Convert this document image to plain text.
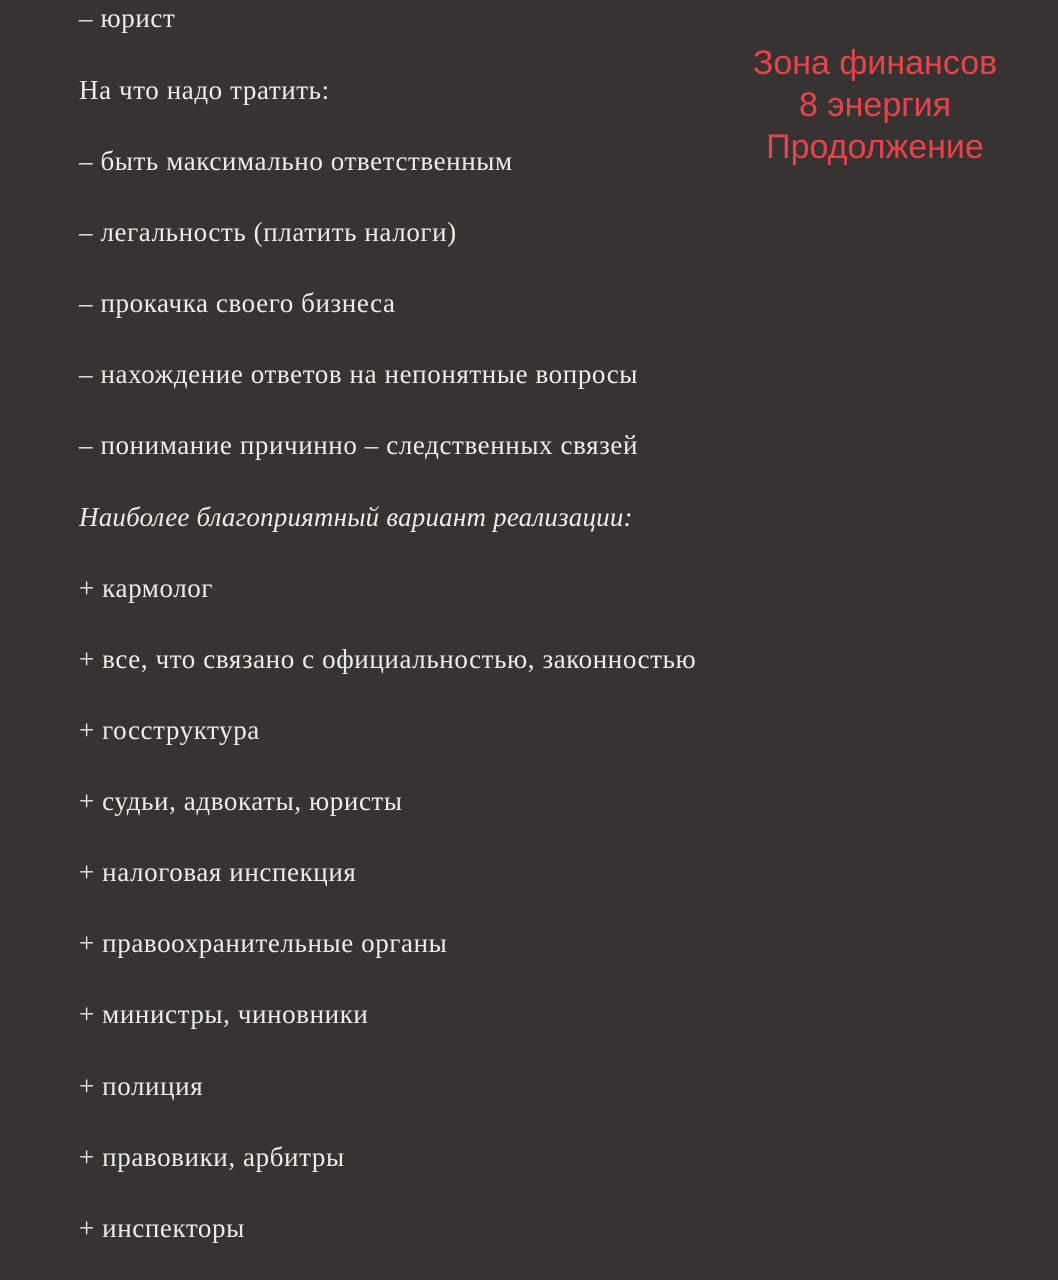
– юрист
На что надо тратить:
– быть максимально ответственным
– легальность (платить налоги)
– прокачка своего бизнеса
– нахождение ответов на непонятные вопросы
– понимание причинно – следственных связей
Наиболее благоприятный вариант реализации:
+ кармолог
+ все, что связано с официальностью, законностью
+ госструктура
+ судьи, адвокаты, юристы
+ налоговая инспекция
+ правоохранительные органы
+ министры, чиновники
+ полиция
+ правовики, арбитры
+ инспекторы
Зона финансов
8 энергия
Продолжение
